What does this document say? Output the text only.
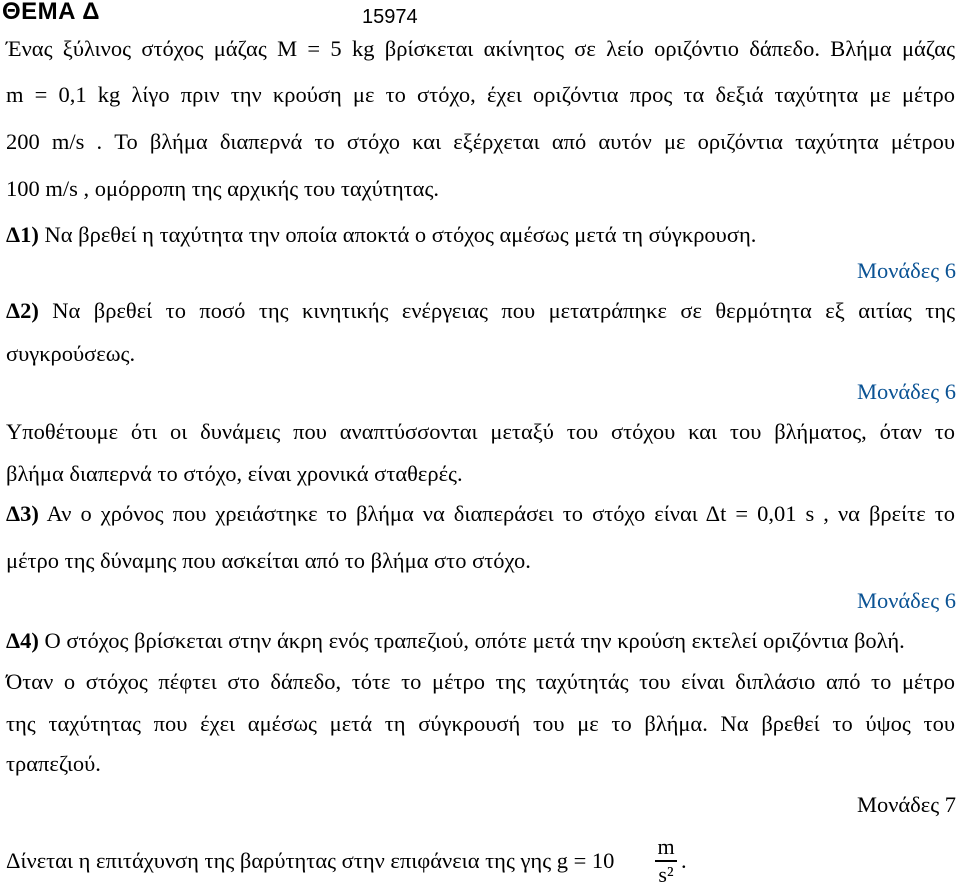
ΘΕΜΑ Δ	15974
Ένας ξύλινος στόχος μάζας M = 5 kg βρίσκεται ακίνητος σε λείο οριζόντιο δάπεδο. Βλήμα μάζας
m = 0,1 kg λίγο πριν την κρούση με το στόχο, έχει οριζόντια προς τα δεξιά ταχύτητα με μέτρο
200 m/s . Το βλήμα διαπερνά το στόχο και εξέρχεται από αυτόν με οριζόντια ταχύτητα μέτρου
100 m/s , ομόρροπη της αρχικής του ταχύτητας.
Δ1) Να βρεθεί η ταχύτητα την οποία αποκτά ο στόχος αμέσως μετά τη σύγκρουση.
Μονάδες 6
Δ2) Να βρεθεί το ποσό της κινητικής ενέργειας που μετατράπηκε σε θερμότητα εξ αιτίας της
συγκρούσεως.
Μονάδες 6
Υποθέτουμε ότι οι δυνάμεις που αναπτύσσονται μεταξύ του στόχου και του βλήματος, όταν το
βλήμα διαπερνά το στόχο, είναι χρονικά σταθερές.
Δ3) Αν ο χρόνος που χρειάστηκε το βλήμα να διαπεράσει το στόχο είναι Δt = 0,01 s , να βρείτε το
μέτρο της δύναμης που ασκείται από το βλήμα στο στόχο.
Μονάδες 6
Δ4) Ο στόχος βρίσκεται στην άκρη ενός τραπεζιού, οπότε μετά την κρούση εκτελεί οριζόντια βολή.
Όταν ο στόχος πέφτει στο δάπεδο, τότε το μέτρο της ταχύτητάς του είναι διπλάσιο από το μέτρο
της ταχύτητας που έχει αμέσως μετά τη σύγκρουσή του με το βλήμα. Να βρεθεί το ύψος του
τραπεζιού.
Μονάδες 7
Δίνεται η επιτάχυνση της βαρύτητας στην επιφάνεια της γης g = 10
m
s²
.
